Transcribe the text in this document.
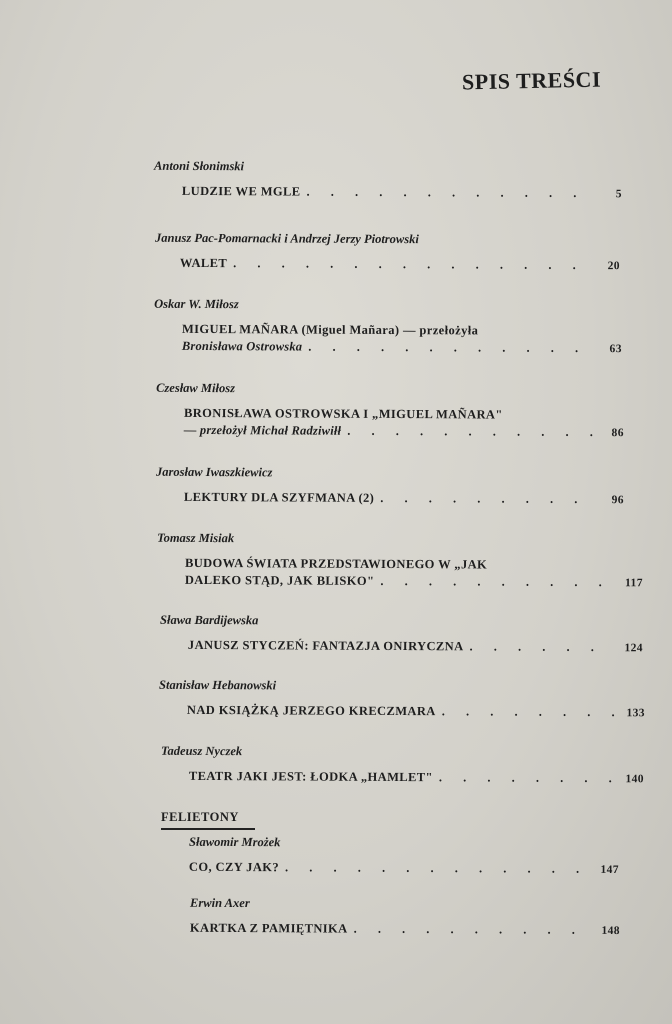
SPIS TREŚCI
Antoni Słonimski
LUDZIE WE MGLE . . .	5
Janusz Pac-Pomarnacki i Andrzej Jerzy Piotrowski
WALET . . .	20
Oskar W. Miłosz
MIGUEL MAÑARA (Miguel Mañara) — przełożyła
Bronisława Ostrowska . . .	63
Czesław Miłosz
BRONISŁAWA OSTROWSKA I „MIGUEL MAÑARA"
— przełożył Michał Radziwiłł . . .	86
Jarosław Iwaszkiewicz
LEKTURY DLA SZYFMANA (2) . . .	96
Tomasz Misiak
BUDOWA ŚWIATA PRZEDSTAWIONEGO W „JAK
DALEKO STĄD, JAK BLISKO" . . .	117
Sława Bardijewska
JANUSZ STYCZEŃ: FANTAZJA ONIRYCZNA . . .	124
Stanisław Hebanowski
NAD KSIĄŻKĄ JERZEGO KRECZMARA . . .	133
Tadeusz Nyczek
TEATR JAKI JEST: ŁODKA „HAMLET" . . .	140
FELIETONY
Sławomir Mrożek
CO, CZY JAK? . . .	147
Erwin Axer
KARTKA Z PAMIĘTNIKA . . .	148
